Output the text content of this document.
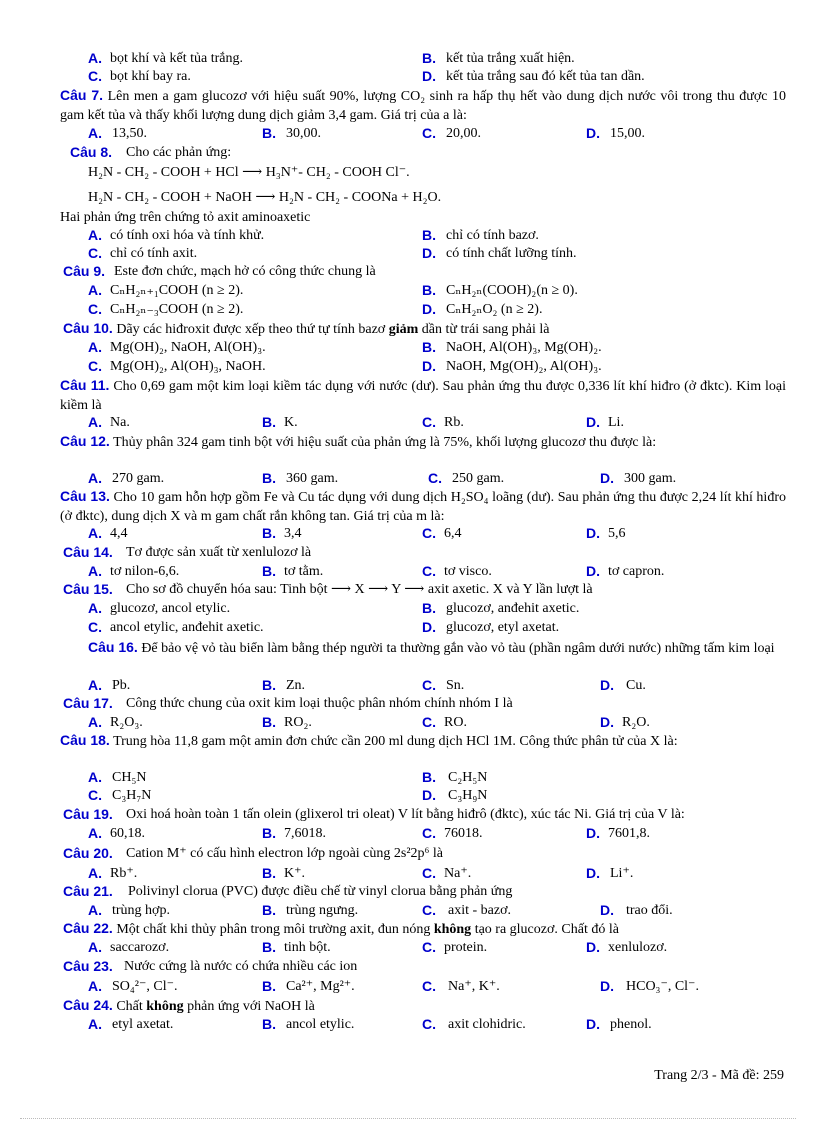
A. bọt khí và kết tủa trắng.	B. kết tủa trắng xuất hiện.
C. bọt khí bay ra.	D. kết tủa trắng sau đó kết tủa tan dần.
Câu 7. Lên men a gam glucozơ với hiệu suất 90%, lượng CO₂ sinh ra hấp thụ hết vào dung dịch nước vôi trong thu được 10 gam kết tủa và thấy khối lượng dung dịch giảm 3,4 gam. Giá trị của a là:
A. 13,50.	B. 30,00.	C. 20,00.	D. 15,00.
Câu 8. Cho các phản ứng:
H₂N - CH₂ - COOH + HCl ⟶ H₃N⁺- CH₂ - COOH Cl⁻.
H₂N - CH₂ - COOH + NaOH ⟶ H₂N - CH₂ - COONa + H₂O.
Hai phản ứng trên chứng tỏ axit aminoaxetic
A. có tính oxi hóa và tính khử.	B. chỉ có tính bazơ.
C. chỉ có tính axit.	D. có tính chất lưỡng tính.
Câu 9. Este đơn chức, mạch hở có công thức chung là
A. CₙH₂ₙ₊₁COOH (n ≥ 2).	B. CₙH₂ₙ(COOH)₂(n ≥ 0).
C. CₙH₂ₙ₋₃COOH (n ≥ 2).	D. CₙH₂ₙO₂ (n ≥ 2).
Câu 10. Dãy các hiđroxit được xếp theo thứ tự tính bazơ giảm dần từ trái sang phải là
A. Mg(OH)₂, NaOH, Al(OH)₃.	B. NaOH, Al(OH)₃, Mg(OH)₂.
C. Mg(OH)₂, Al(OH)₃, NaOH.	D. NaOH, Mg(OH)₂, Al(OH)₃.
Câu 11. Cho 0,69 gam một kim loại kiềm tác dụng với nước (dư). Sau phản ứng thu được 0,336 lít khí hiđro (ở đktc). Kim loại kiềm là
A. Na.	B. K.	C. Rb.	D. Li.
Câu 12. Thủy phân 324 gam tinh bột với hiệu suất của phản ứng là 75%, khối lượng glucozơ thu được là:
A. 270 gam.	B. 360 gam.	C. 250 gam.	D. 300 gam.
Câu 13. Cho 10 gam hỗn hợp gồm Fe và Cu tác dụng với dung dịch H₂SO₄ loãng (dư). Sau phản ứng thu được 2,24 lít khí hiđro (ở đktc), dung dịch X và m gam chất rắn không tan. Giá trị của m là:
A. 4,4	B. 3,4	C. 6,4	D. 5,6
Câu 14. Tơ được sản xuất từ xenlulozơ là
A. tơ nilon-6,6.	B. tơ tằm.	C. tơ visco.	D. tơ capron.
Câu 15. Cho sơ đồ chuyển hóa sau: Tinh bột ⟶ X ⟶ Y ⟶ axit axetic. X và Y lần lượt là
A. glucozơ, ancol etylic.	B. glucozơ, anđehit axetic.
C. ancol etylic, anđehit axetic.	D. glucozơ, etyl axetat.
Câu 16. Để bảo vệ vỏ tàu biển làm bằng thép người ta thường gắn vào vỏ tàu (phần ngâm dưới nước) những tấm kim loại
A. Pb.	B. Zn.	C. Sn.	D. Cu.
Câu 17. Công thức chung của oxit kim loại thuộc phân nhóm chính nhóm I là
A. R₂O₃.	B. RO₂.	C. RO.	D. R₂O.
Câu 18. Trung hòa 11,8 gam một amin đơn chức cần 200 ml dung dịch HCl 1M. Công thức phân tử của X là:
A. CH₅N	B. C₂H₅N
C. C₃H₇N	D. C₃H₉N
Câu 19. Oxi hoá hoàn toàn 1 tấn olein (glixerol tri oleat) V lít bằng hiđrô (đktc), xúc tác Ni. Giá trị của V là:
A. 60,18.	B. 7,6018.	C. 76018.	D. 7601,8.
Câu 20. Cation M⁺ có cấu hình electron lớp ngoài cùng 2s²2p⁶ là
A. Rb⁺.	B. K⁺.	C. Na⁺.	D. Li⁺.
Câu 21. Polivinyl clorua (PVC) được điều chế từ vinyl clorua bằng phản ứng
A. trùng hợp.	B. trùng ngưng.	C. axit - bazơ.	D. trao đổi.
Câu 22. Một chất khi thủy phân trong môi trường axit, đun nóng không tạo ra glucozơ. Chất đó là
A. saccarozơ.	B. tinh bột.	C. protein.	D. xenlulozơ.
Câu 23. Nước cứng là nước có chứa nhiều các ion
A. SO₄²⁻, Cl⁻.	B. Ca²⁺, Mg²⁺.	C. Na⁺, K⁺.	D. HCO₃⁻, Cl⁻.
Câu 24. Chất không phản ứng với NaOH là
A. etyl axetat.	B. ancol etylic.	C. axit clohidric.	D. phenol.
Trang 2/3 - Mã đề: 259
